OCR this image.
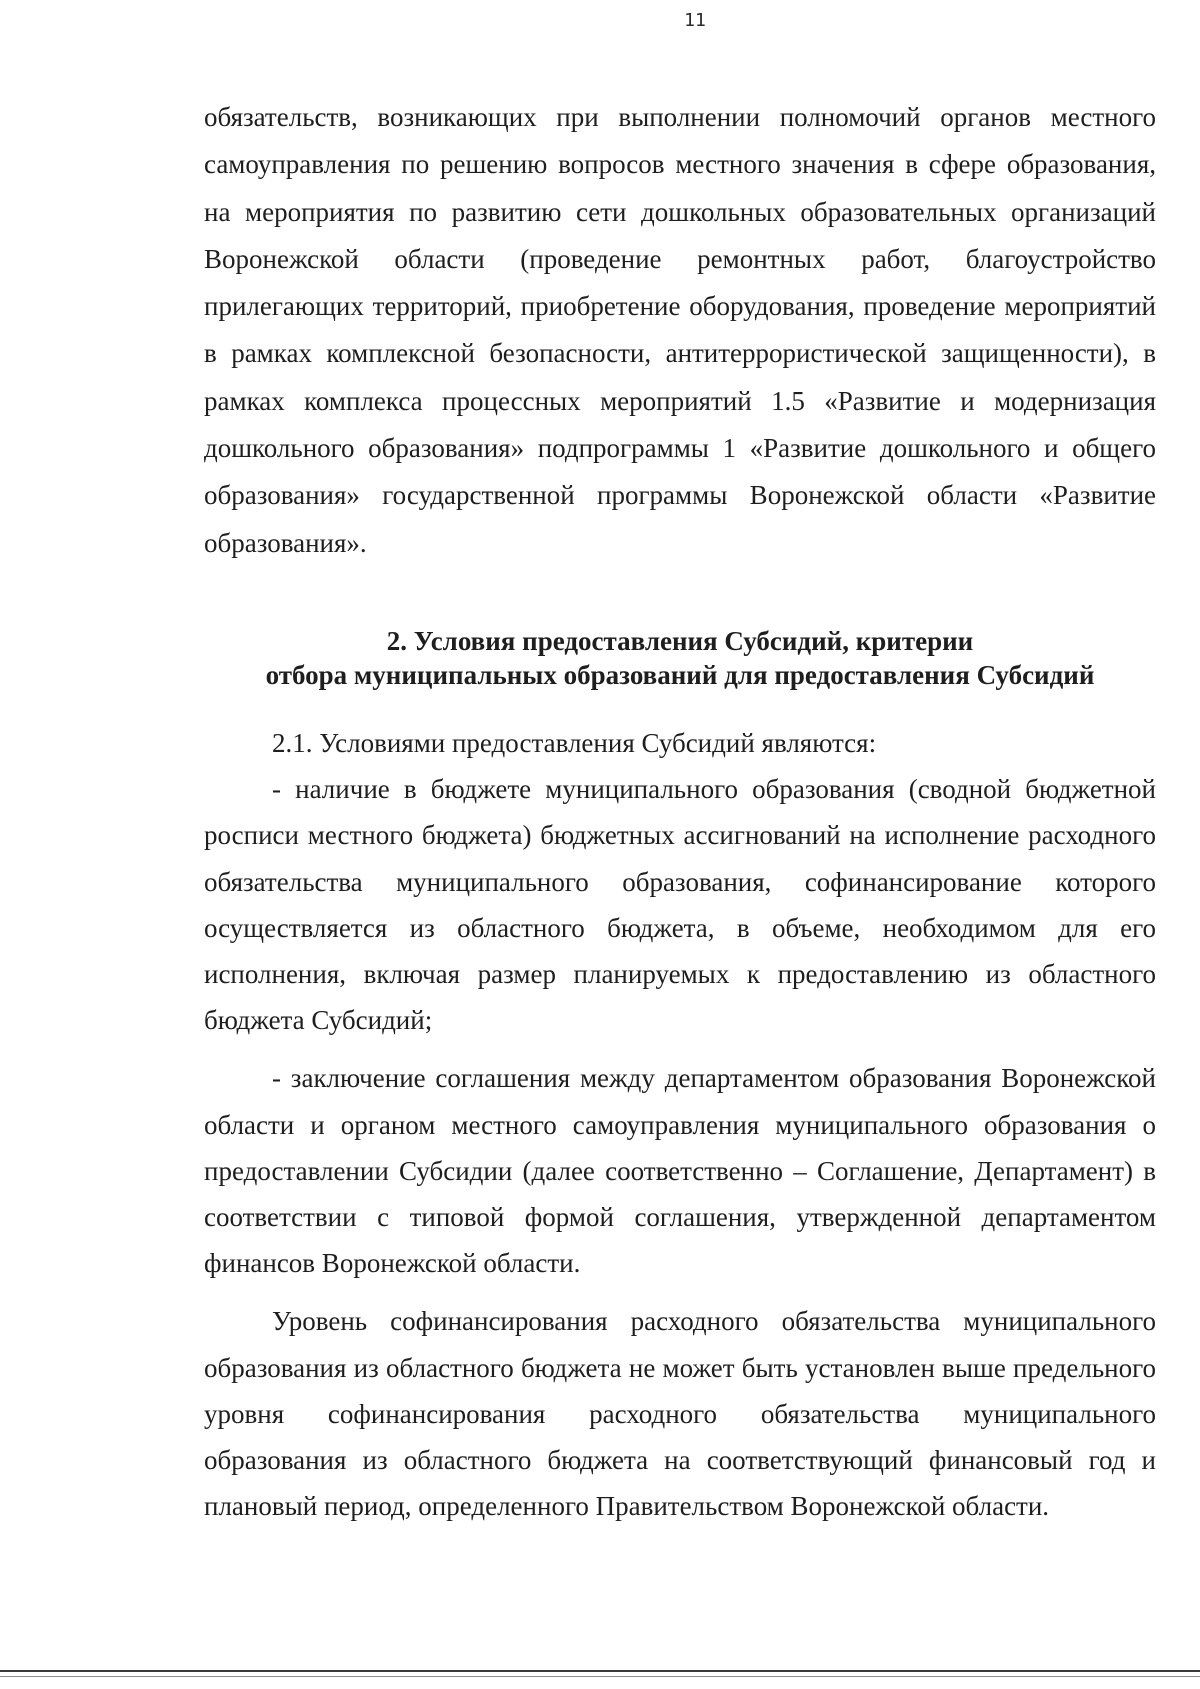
11

обязательств, возникающих при выполнении полномочий органов местного самоуправления по решению вопросов местного значения в сфере образования, на мероприятия по развитию сети дошкольных образовательных организаций Воронежской области (проведение ремонтных работ, благоустройство прилегающих территорий, приобретение оборудования, проведение мероприятий в рамках комплексной безопасности, антитеррористической защищенности), в рамках комплекса процессных мероприятий 1.5 «Развитие и модернизация дошкольного образования» подпрограммы 1 «Развитие дошкольного и общего образования» государственной программы Воронежской области «Развитие образования».

2. Условия предоставления Субсидий, критерии
отбора муниципальных образований для предоставления Субсидий

2.1. Условиями предоставления Субсидий являются:

- наличие в бюджете муниципального образования (сводной бюджетной росписи местного бюджета) бюджетных ассигнований на исполнение расходного обязательства муниципального образования, софинансирование которого осуществляется из областного бюджета, в объеме, необходимом для его исполнения, включая размер планируемых к предоставлению из областного бюджета Субсидий;

- заключение соглашения между департаментом образования Воронежской области и органом местного самоуправления муниципального образования о предоставлении Субсидии (далее соответственно – Соглашение, Департамент) в соответствии с типовой формой соглашения, утвержденной департаментом финансов Воронежской области.

Уровень софинансирования расходного обязательства муниципального образования из областного бюджета не может быть установлен выше предельного уровня софинансирования расходного обязательства муниципального образования из областного бюджета на соответствующий финансовый год и плановый период, определенного Правительством Воронежской области.
